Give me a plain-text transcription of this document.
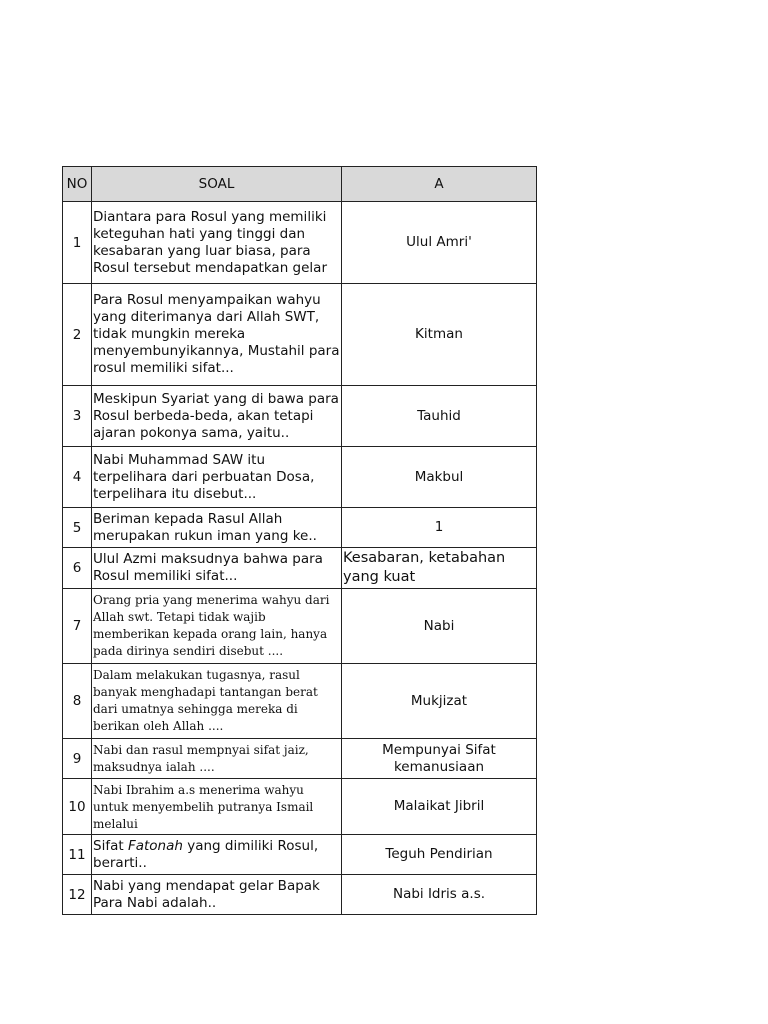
NO	SOAL	A
1	Diantara para Rosul yang memiliki keteguhan hati yang tinggi dan kesabaran yang luar biasa, para Rosul tersebut mendapatkan gelar	Ulul Amri'
2	Para Rosul menyampaikan wahyu yang diterimanya dari Allah SWT, tidak mungkin mereka menyembunyikannya, Mustahil para rosul memiliki sifat...	Kitman
3	Meskipun Syariat yang di bawa para Rosul berbeda-beda, akan tetapi ajaran pokonya sama, yaitu..	Tauhid
4	Nabi Muhammad SAW itu terpelihara dari perbuatan Dosa, terpelihara itu disebut...	Makbul
5	Beriman kepada Rasul Allah merupakan rukun iman yang ke..	1
6	Ulul Azmi maksudnya bahwa para Rosul memiliki sifat...	Kesabaran, ketabahan yang kuat
7	Orang pria yang menerima wahyu dari Allah swt. Tetapi tidak wajib memberikan kepada orang lain, hanya pada dirinya sendiri disebut ....	Nabi
8	Dalam melakukan tugasnya, rasul banyak menghadapi tantangan berat dari umatnya sehingga mereka di berikan oleh Allah ....	Mukjizat
9	Nabi dan rasul mempnyai sifat jaiz, maksudnya ialah ....	Mempunyai Sifat kemanusiaan
10	Nabi Ibrahim a.s menerima wahyu untuk menyembelih putranya Ismail melalui	Malaikat Jibril
11	Sifat Fatonah yang dimiliki Rosul, berarti..	Teguh Pendirian
12	Nabi yang mendapat gelar Bapak Para Nabi adalah..	Nabi Idris a.s.
